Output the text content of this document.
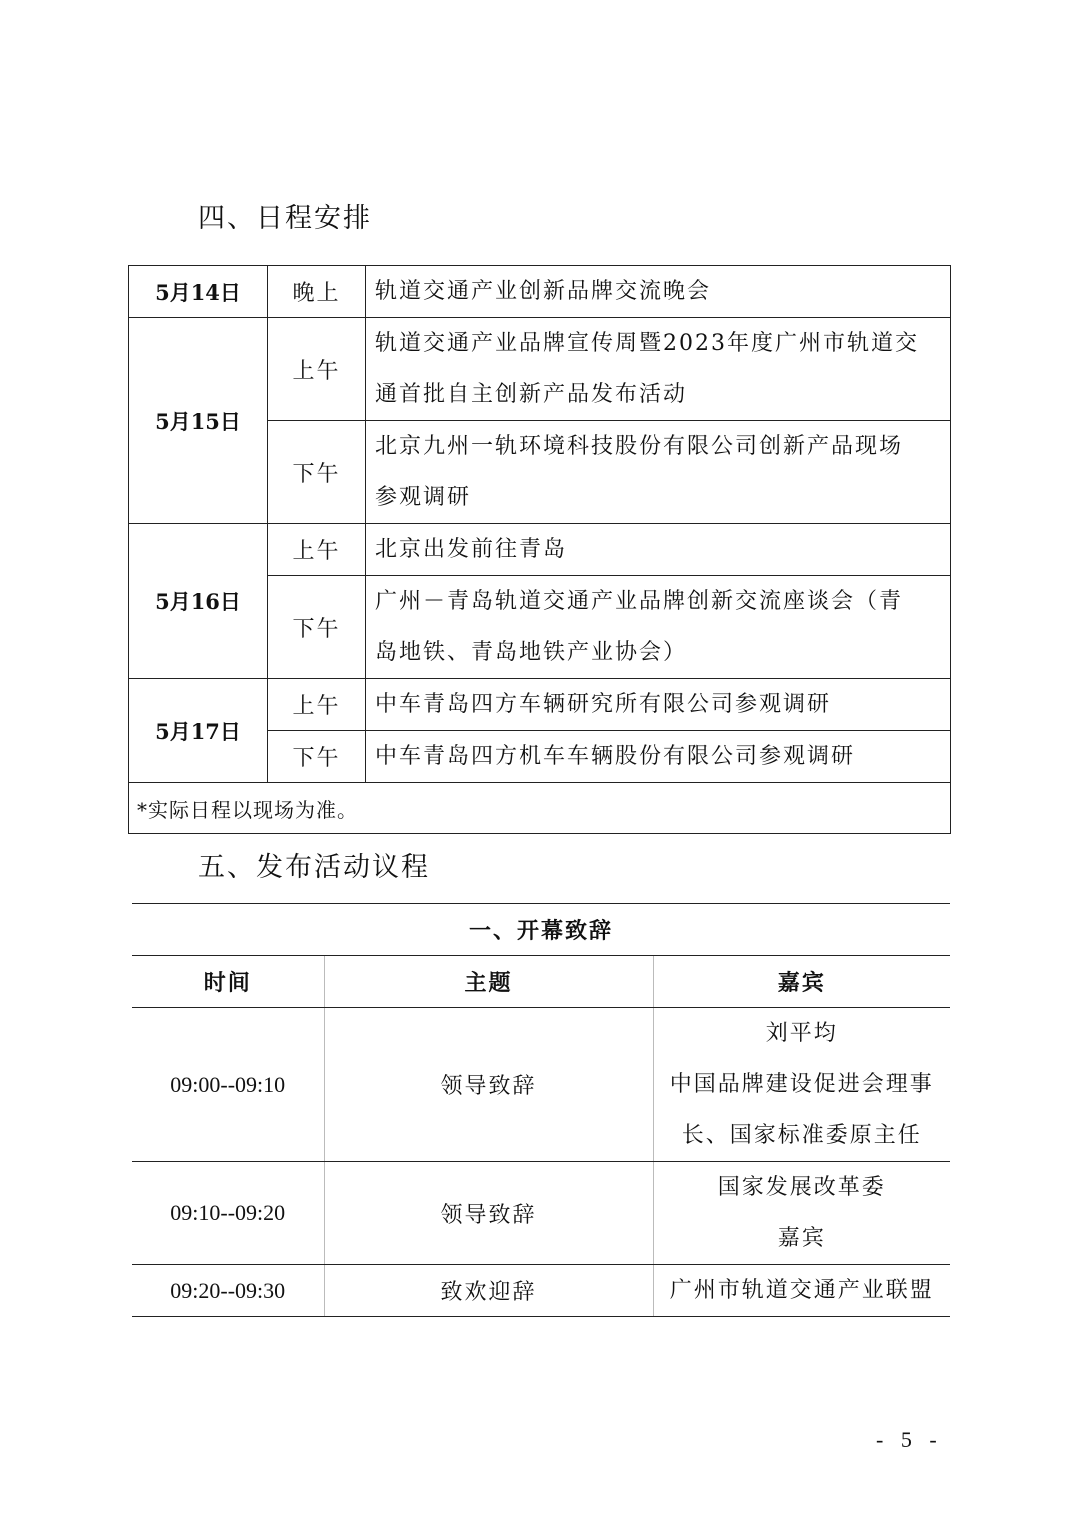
四、日程安排
5月14日	晚上	轨道交通产业创新品牌交流晚会

5月15日	上午	轨道交通产业品牌宣传周暨2023年度广州市轨道交
通首批自主创新产品发布活动

	下午	北京九州一轨环境科技股份有限公司创新产品现场
参观调研

5月16日	上午	北京出发前往青岛

	下午	广州－青岛轨道交通产业品牌创新交流座谈会（青
岛地铁、青岛地铁产业协会）

5月17日	上午	中车青岛四方车辆研究所有限公司参观调研

	下午	中车青岛四方机车车辆股份有限公司参观调研

*实际日程以现场为准。		
五、发布活动议程
一、开幕致辞		
时间	主题	嘉宾
09:00--09:10	领导致辞	刘平均
中国品牌建设促进会理事
长、国家标准委原主任

09:10--09:20	领导致辞	国家发展改革委
嘉宾

09:20--09:30	致欢迎辞	广州市轨道交通产业联盟
- 5 -
